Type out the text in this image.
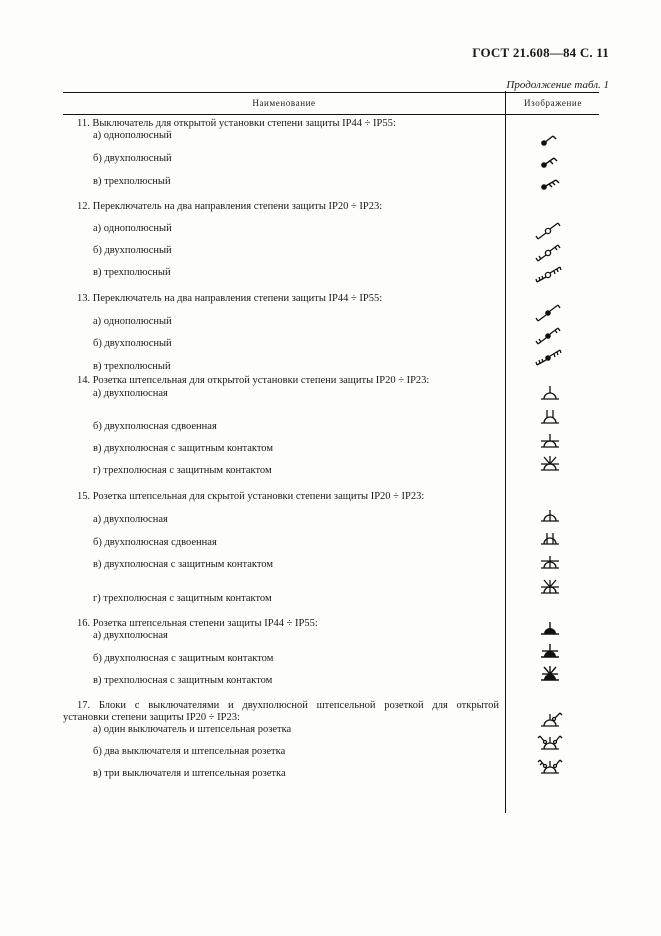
ГОСТ 21.608—84 С. 11
Продолжение табл. 1
Наименование	Изображение
11. Выключатель для открытой установки степени защиты IP44 ÷ IP55:
а) однополюсный
б) двухполюсный
в) трехполюсный
12. Переключатель на два направления степени защиты IP20 ÷ IP23:
а) однополюсный
б) двухполюсный
в) трехполюсный
13. Переключатель на два направления степени защиты IP44 ÷ IP55:
а) однополюсный
б) двухполюсный
в) трехполюсный
14. Розетка штепсельная для открытой установки степени защиты IP20 ÷ IP23:
а) двухполюсная
б) двухполюсная сдвоенная
в) двухполюсная с защитным контактом
г) трехполюсная с защитным контактом
15. Розетка штепсельная для скрытой установки степени защиты IP20 ÷ IP23:
а) двухполюсная
б) двухполюсная сдвоенная
в) двухполюсная с защитным контактом
г) трехполюсная с защитным контактом
16. Розетка штепсельная степени защиты IP44 ÷ IP55:
а) двухполюсная
б) двухполюсная с защитным контактом
в) трехполюсная с защитным контактом
17. Блоки с выключателями и двухполюсной штепсельной розеткой для открытой
установки степени защиты IP20 ÷ IP23:
а) один выключатель и штепсельная розетка
б) два выключателя и штепсельная розетка
в) три выключателя и штепсельная розетка
